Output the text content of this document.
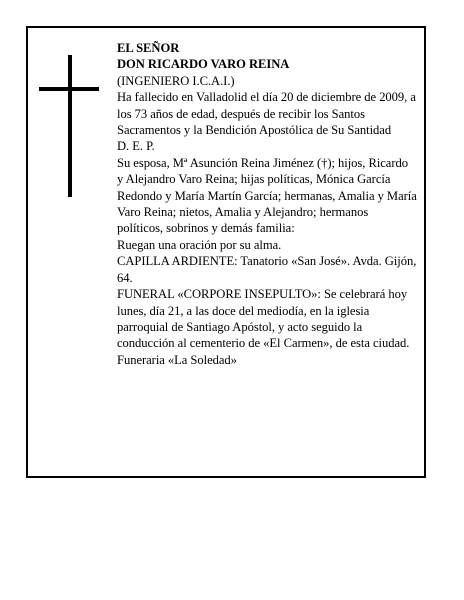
EL SEÑOR
DON RICARDO VARO REINA
(INGENIERO I.C.A.I.)
Ha fallecido en Valladolid el día 20 de diciembre de 2009, a los 73 años de edad, después de recibir los Santos Sacramentos y la Bendición Apostólica de Su Santidad
D. E. P.
Su esposa, Mª Asunción Reina Jiménez (†); hijos, Ricardo y Alejandro Varo Reina; hijas políticas, Mónica García Redondo y María Martín García; hermanas, Amalia y María Varo Reina; nietos, Amalia y Alejandro; hermanos políticos, sobrinos y demás familia:
Ruegan una oración por su alma.
CAPILLA ARDIENTE: Tanatorio «San José». Avda. Gijón, 64.
FUNERAL «CORPORE INSEPULTO»: Se celebrará hoy lunes, día 21, a las doce del mediodía, en la iglesia parroquial de Santiago Apóstol, y acto seguido la conducción al cementerio de «El Carmen», de esta ciudad.
Funeraria «La Soledad»
